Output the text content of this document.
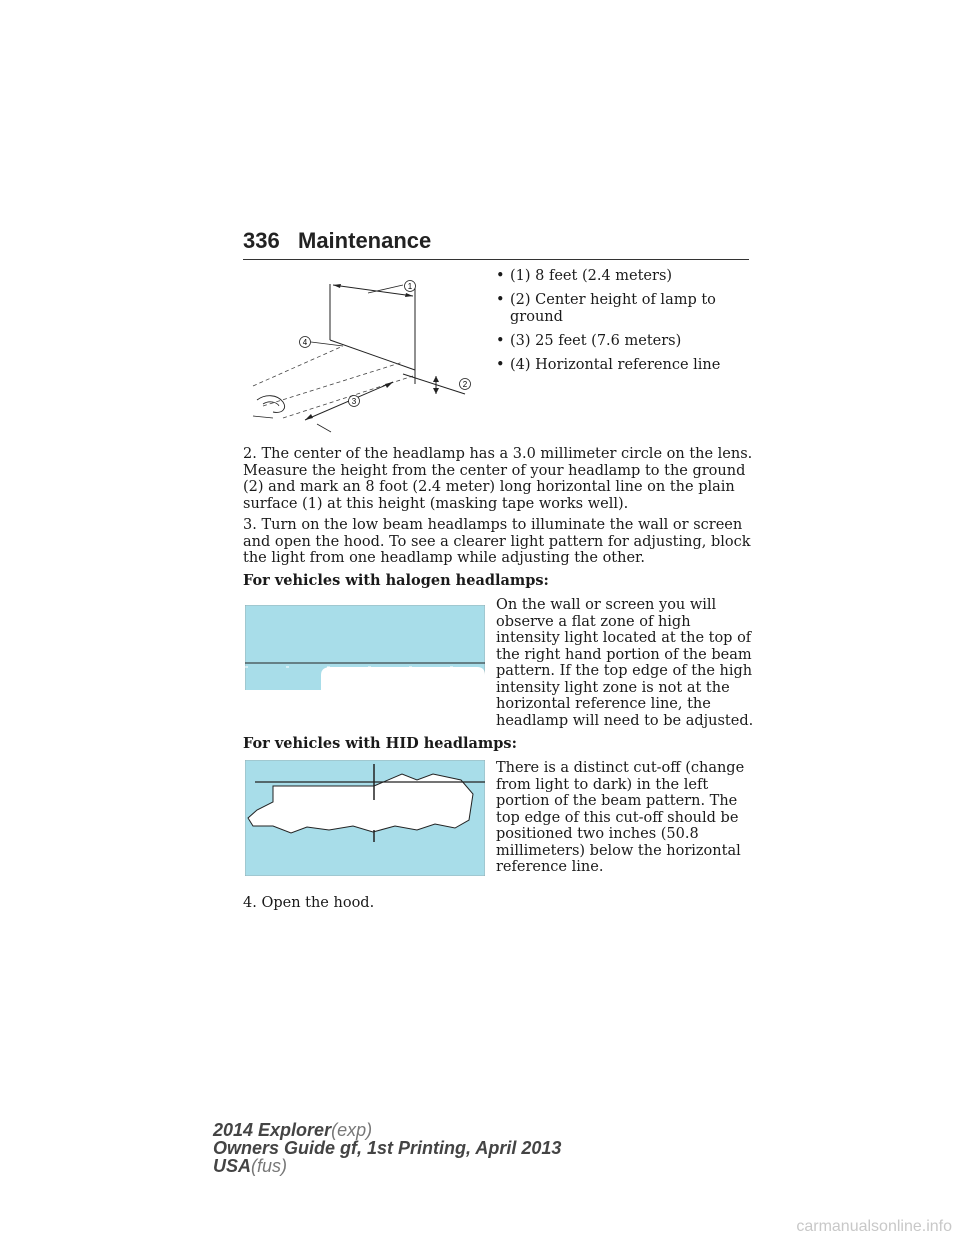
336 Maintenance
1
4
2
3
• (1) 8 feet (2.4 meters)
• (2) Center height of lamp to ground
• (3) 25 feet (7.6 meters)
• (4) Horizontal reference line

2. The center of the headlamp has a 3.0 millimeter circle on the lens. Measure the height from the center of your headlamp to the ground (2) and mark an 8 foot (2.4 meter) long horizontal line on the plain surface (1) at this height (masking tape works well).

3. Turn on the low beam headlamps to illuminate the wall or screen and open the hood. To see a clearer light pattern for adjusting, block the light from one headlamp while adjusting the other.

For vehicles with halogen headlamps:

On the wall or screen you will observe a flat zone of high intensity light located at the top of the right hand portion of the beam pattern. If the top edge of the high intensity light zone is not at the horizontal reference line, the headlamp will need to be adjusted.

For vehicles with HID headlamps:

There is a distinct cut-off (change from light to dark) in the left portion of the beam pattern. The top edge of this cut-off should be positioned two inches (50.8 millimeters) below the horizontal reference line.

4. Open the hood.

2014 Explorer(exp)
Owners Guide gf, 1st Printing, April 2013
USA(fus)
carmanualsonline.info
